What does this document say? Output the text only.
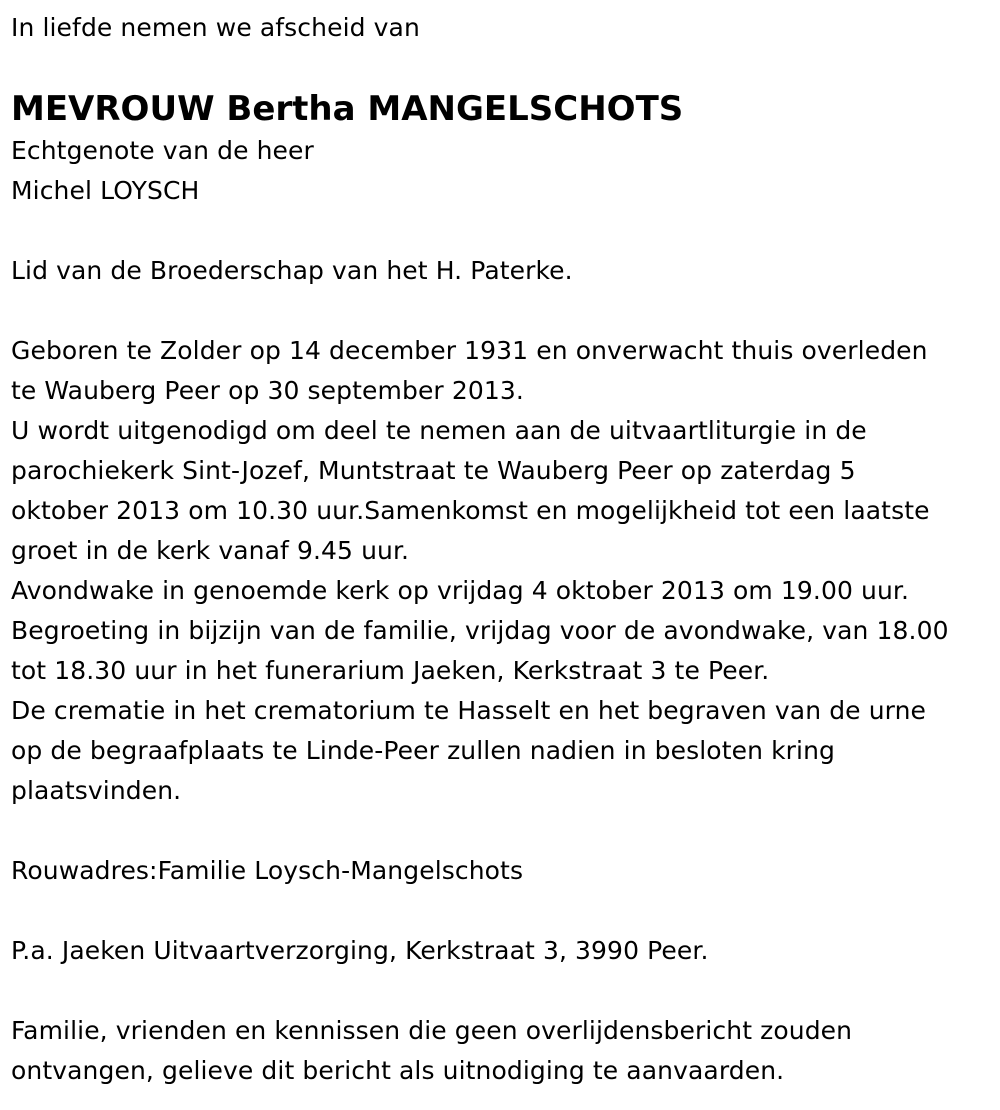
In liefde nemen we afscheid van
MEVROUW Bertha MANGELSCHOTS
Echtgenote van de heer
Michel LOYSCH
Lid van de Broederschap van het H. Paterke.
Geboren te Zolder op 14 december 1931 en onverwacht thuis overleden
te Wauberg Peer op 30 september 2013.
U wordt uitgenodigd om deel te nemen aan de uitvaartliturgie in de
parochiekerk Sint-Jozef, Muntstraat te Wauberg Peer op zaterdag 5
oktober 2013 om 10.30 uur.Samenkomst en mogelijkheid tot een laatste
groet in de kerk vanaf 9.45 uur.
Avondwake in genoemde kerk op vrijdag 4 oktober 2013 om 19.00 uur.
Begroeting in bijzijn van de familie, vrijdag voor de avondwake, van 18.00
tot 18.30 uur in het funerarium Jaeken, Kerkstraat 3 te Peer.
De crematie in het crematorium te Hasselt en het begraven van de urne
op de begraafplaats te Linde-Peer zullen nadien in besloten kring
plaatsvinden.
Rouwadres:Familie Loysch-Mangelschots
P.a. Jaeken Uitvaartverzorging, Kerkstraat 3, 3990 Peer.
Familie, vrienden en kennissen die geen overlijdensbericht zouden
ontvangen, gelieve dit bericht als uitnodiging te aanvaarden.
